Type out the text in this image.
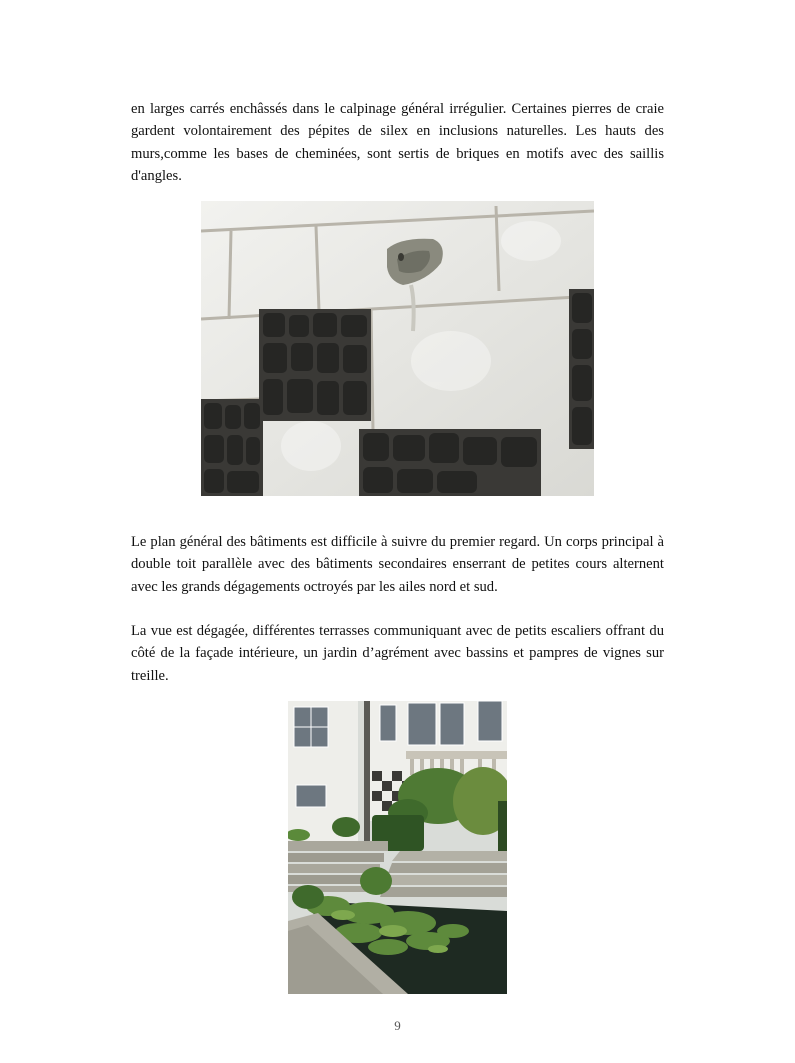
en larges carrés enchâssés dans le calpinage général irrégulier. Certaines pierres de craie gardent volontairement des pépites de silex en inclusions naturelles. Les hauts des murs,comme les bases de cheminées, sont sertis de briques en motifs avec des saillis d'angles.

Le plan général des bâtiments est difficile à suivre du premier regard. Un corps principal à double toit parallèle avec des bâtiments secondaires enserrant de petites cours alternent avec les grands dégagements octroyés par les ailes nord et sud.

La vue est dégagée, différentes terrasses communiquant avec de petits escaliers offrant du côté de la façade intérieure, un jardin d’agrément avec bassins et pampres de vignes sur treille.

9
